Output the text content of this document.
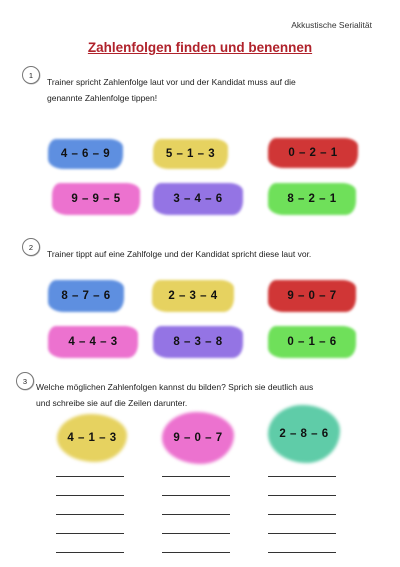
Akkustische Serialität
Zahlenfolgen finden und benennen
1
Trainer spricht Zahlenfolge laut vor und der Kandidat muss auf die
genannte Zahlenfolge tippen!
4 – 6 – 9	5 – 1 – 3	0 – 2 – 1
9 – 9 – 5	3 – 4 – 6	8 – 2 – 1
2
Trainer tippt auf eine Zahlfolge und der Kandidat spricht diese laut vor.
8 – 7 – 6	2 – 3 – 4	9 – 0 – 7
4 – 4 – 3	8 – 3 – 8	0 – 1 – 6
3
Welche möglichen Zahlenfolgen kannst du bilden? Sprich sie deutlich aus
und schreibe sie auf die Zeilen darunter.
4 – 1 – 3	9 – 0 – 7	2 – 8 – 6
